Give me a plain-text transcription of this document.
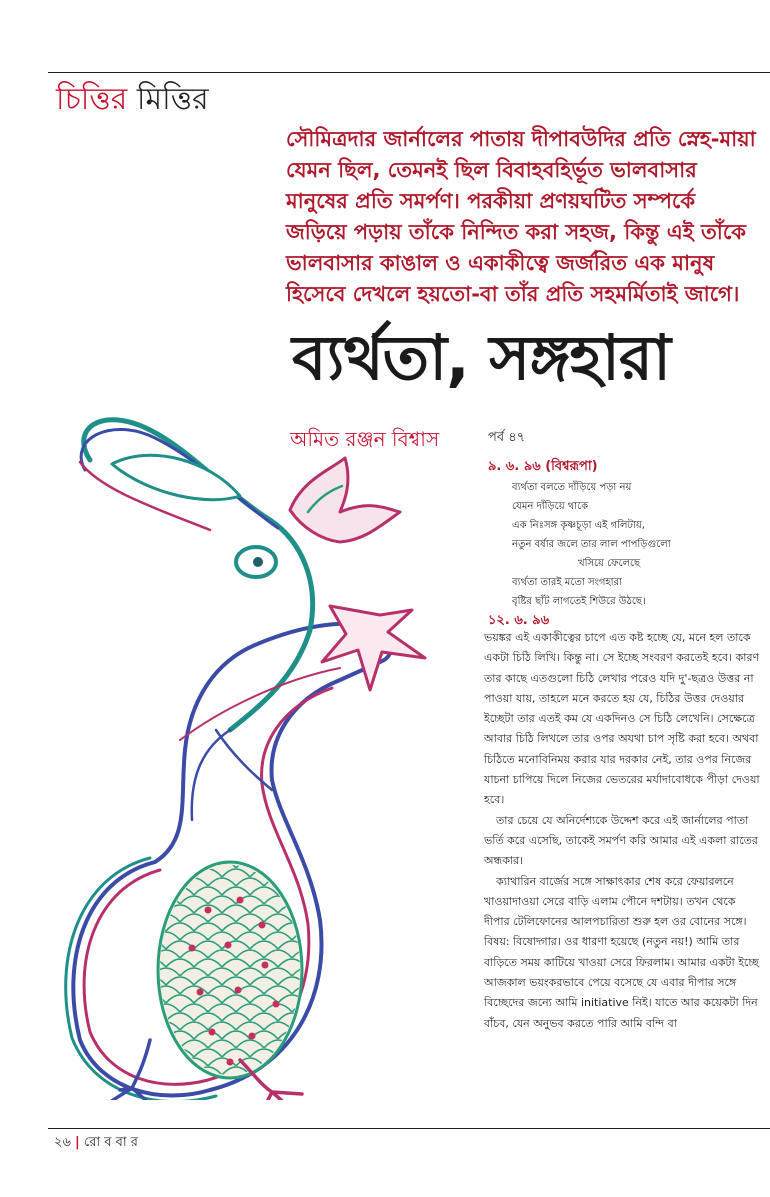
চিত্তির মিত্তির

সৌমিত্রদার জার্নালের পাতায় দীপাবউদির প্রতি স্নেহ-মায়া

যেমন ছিল, তেমনই ছিল বিবাহবহির্ভূত ভালবাসার

মানুষের প্রতি সমর্পণ। পরকীয়া প্রণয়ঘটিত সম্পর্কে

জড়িয়ে পড়ায় তাঁকে নিন্দিত করা সহজ, কিন্তু এই তাঁকে

ভালবাসার কাঙাল ও একাকীত্বে জর্জরিত এক মানুষ

হিসেবে দেখলে হয়তো-বা তাঁর প্রতি সহমর্মিতাই জাগে।

ব্যর্থতা, সঙ্গহারা
অমিত রঞ্জন বিশ্বাস	পর্ব ৪৭
৯. ৬. ৯৬ (বিশ্বরূপা)
ব্যর্থতা বলতে দাঁড়িয়ে পড়া নয়
যেমন দাঁড়িয়ে থাকে
এক নিঃসঙ্গ কৃষ্ণচূড়া এই গলিটায়,
নতুন বর্ষার জলে তার লাল পাপড়িগুলো
খসিয়ে ফেলেছে
ব্যর্থতা তারই মতো সংগহারা
বৃষ্টির ছাঁট লাগতেই শিউরে উঠছে।
১২. ৬. ৯৬

ভয়ঙ্কর এই একাকীত্বের চাপে এত কষ্ট হচ্ছে যে, মনে হল তাকে একটা চিঠি লিখি। কিন্তু না। সে ইচ্ছে সংবরণ করতেই হবে। কারণ তার কাছে এতগুলো চিঠি লেখার পরেও যদি দু'-ছত্রও উত্তর না পাওয়া যায়, তাহলে মনে করতে হয় যে, চিঠির উত্তর দেওয়ার ইচ্ছেটা তার এতই কম যে একদিনও সে চিঠি লেখেনি। সেক্ষেত্রে আবার চিঠি লিখলে তার ওপর অযথা চাপ সৃষ্টি করা হবে। অথবা চিঠিতে মনোবিনিময় করার যার দরকার নেই, তার ওপর নিজের যাচনা চাপিয়ে দিলে নিজের ভেতরের মর্যাদাবোধকে পীড়া দেওয়া হবে।

তার চেয়ে যে অনির্দেশ্যকে উদ্দেশ করে এই জার্নালের পাতা ভর্তি করে এসেছি, তাকেই সমর্পণ করি আমার এই একলা রাতের অন্ধকার।

ক্যাথারিন বার্জের সঙ্গে সাক্ষাৎকার শেষ করে ফেয়ারলনে খাওয়াদাওয়া সেরে বাড়ি এলাম পৌনে দশটায়। তখন থেকে দীপার টেলিফোনের আলপচারিতা শুরু হল ওর বোনের সঙ্গে। বিষয়: বিষোদ্গার। ওর ধারণা হয়েছে (নতুন নয়!) আমি তার বাড়িতে সময় কাটিয়ে খাওয়া সেরে ফিরলাম। আমার একটা ইচ্ছে আজকাল ভয়ংকরভাবে পেয়ে বসেছে যে এবার দীপার সঙ্গে বিচ্ছেদের জন্যে আমি initiative নিই। যাতে আর কয়েকটা দিন বাঁচব, যেন অনুভব করতে পারি আমি বন্দি বা

২৬ | রো ব বা র
